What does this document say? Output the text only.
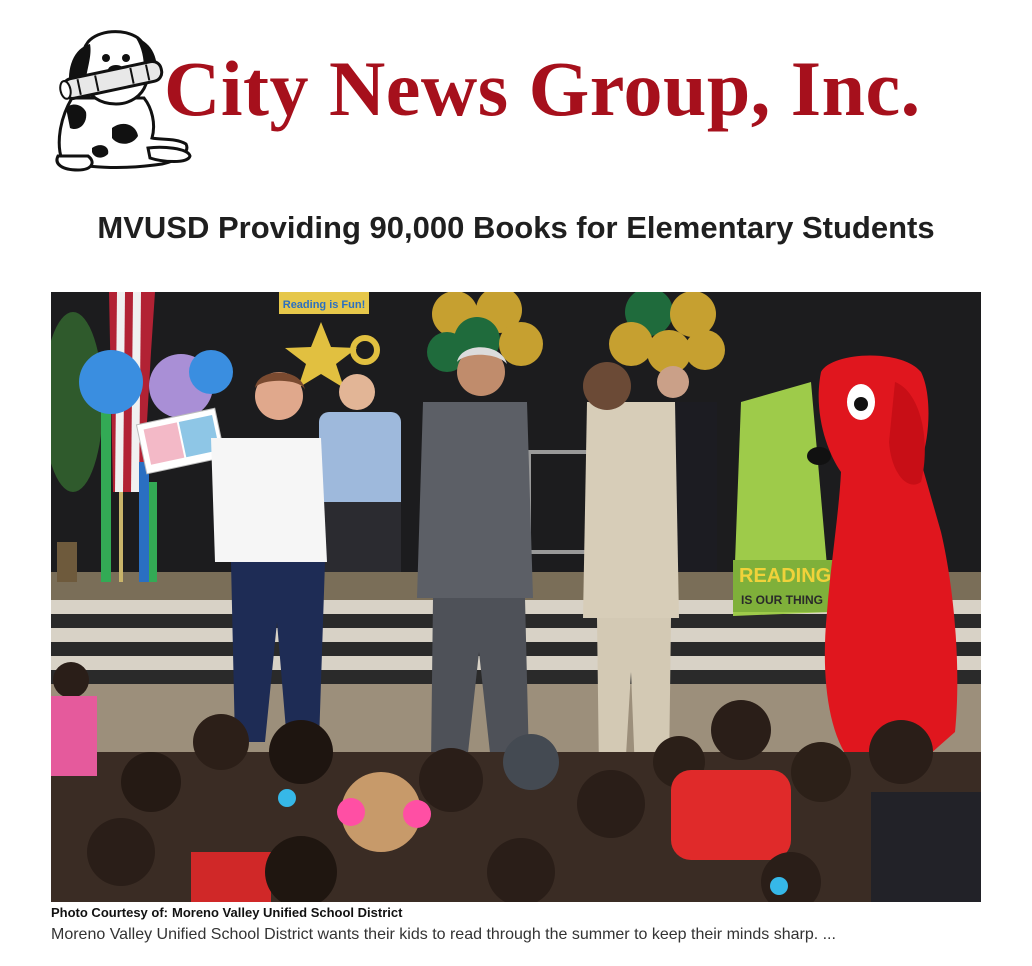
City News Group, Inc.
MVUSD Providing 90,000 Books for Elementary Students
Reading is Fun!
READING
IS OUR THING
Photo Courtesy of: Moreno Valley Unified School District
Moreno Valley Unified School District wants their kids to read through the summer to keep their minds sharp. ...
